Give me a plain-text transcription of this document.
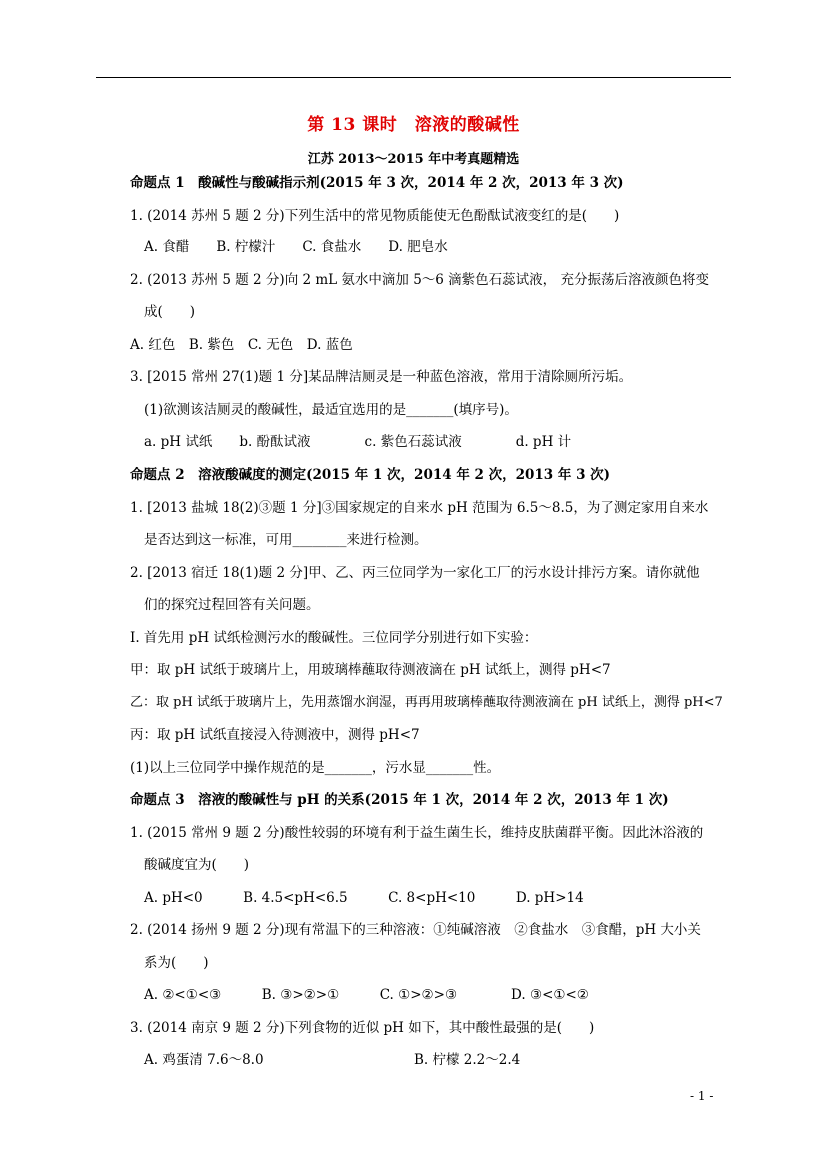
第 13 课时　溶液的酸碱性
江苏 2013～2015 年中考真题精选
命题点 1　酸碱性与酸碱指示剂(2015 年 3 次，2014 年 2 次，2013 年 3 次)
1. (2014 苏州 5 题 2 分)下列生活中的常见物质能使无色酚酞试液变红的是(　　)
A. 食醋　　B. 柠檬汁　　C. 食盐水　　D. 肥皂水
2. (2013 苏州 5 题 2 分)向 2 mL 氨水中滴加 5～6 滴紫色石蕊试液， 充分振荡后溶液颜色将变
成(　　)
A. 红色　B. 紫色　C. 无色　D. 蓝色
3. [2015 常州 27(1)题 1 分]某品牌洁厕灵是一种蓝色溶液，常用于清除厕所污垢。
(1)欲测该洁厕灵的酸碱性，最适宜选用的是_______(填序号)。
a. pH 试纸　　b. 酚酞试液　　　　c. 紫色石蕊试液　　　　d. pH 计
命题点 2　溶液酸碱度的测定(2015 年 1 次，2014 年 2 次，2013 年 3 次)
1. [2013 盐城 18(2)③题 1 分]③国家规定的自来水 pH 范围为 6.5～8.5，为了测定家用自来水
是否达到这一标准，可用________来进行检测。
2. [2013 宿迁 18(1)题 2 分]甲、乙、丙三位同学为一家化工厂的污水设计排污方案。请你就他
们的探究过程回答有关问题。
Ⅰ. 首先用 pH 试纸检测污水的酸碱性。三位同学分别进行如下实验：
甲：取 pH 试纸于玻璃片上，用玻璃棒蘸取待测液滴在 pH 试纸上，测得 pH<7
乙：取 pH 试纸于玻璃片上，先用蒸馏水润湿，再再用玻璃棒蘸取待测液滴在 pH 试纸上，测得 pH<7
丙：取 pH 试纸直接浸入待测液中，测得 pH<7
(1)以上三位同学中操作规范的是_______，污水显_______性。
命题点 3　溶液的酸碱性与 pH 的关系(2015 年 1 次，2014 年 2 次，2013 年 1 次)
1. (2015 常州 9 题 2 分)酸性较弱的环境有利于益生菌生长，维持皮肤菌群平衡。因此沐浴液的
酸碱度宜为(　　)
A. pH<0　　　B. 4.5<pH<6.5　　　C. 8<pH<10　　　D. pH>14
2. (2014 扬州 9 题 2 分)现有常温下的三种溶液：①纯碱溶液　②食盐水　③食醋，pH 大小关
系为(　　)
A. ②<①<③　　　B. ③>②>①　　　C. ①>②>③　　　　D. ③<①<②
3. (2014 南京 9 题 2 分)下列食物的近似 pH 如下，其中酸性最强的是(　　)
A. 鸡蛋清 7.6～8.0	B. 柠檬 2.2～2.4
- 1 -
